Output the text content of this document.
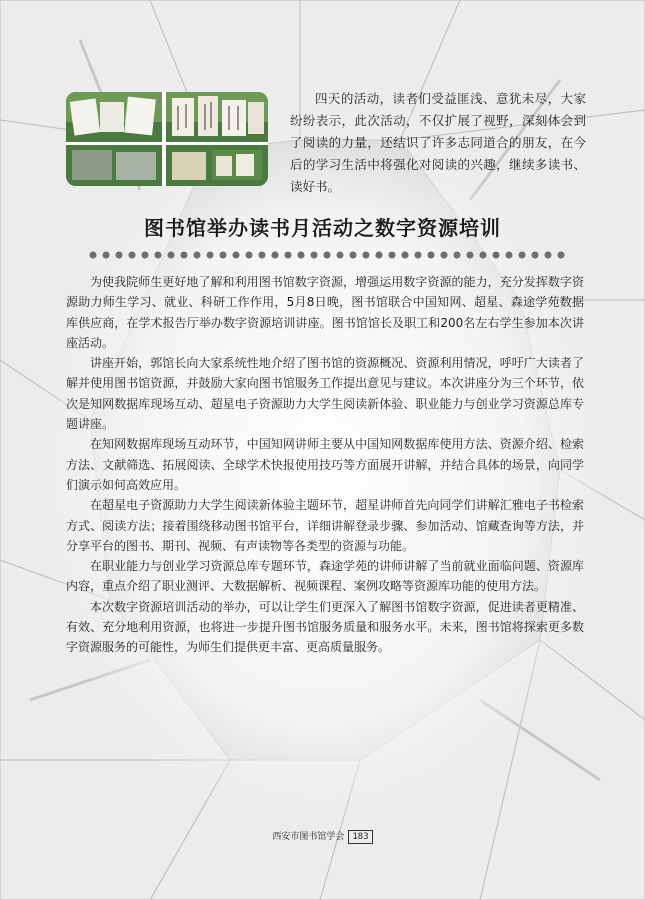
四天的活动，读者们受益匪浅、意犹未尽，大家纷纷表示，此次活动，不仅扩展了视野，深刻体会到了阅读的力量，还结识了许多志同道合的朋友，在今后的学习生活中将强化对阅读的兴趣，继续多读书、读好书。

图书馆举办读书月活动之数字资源培训

为使我院师生更好地了解和利用图书馆数字资源，增强运用数字资源的能力，充分发挥数字资源助力师生学习、就业、科研工作作用，5月8日晚，图书馆联合中国知网、超星、森途学苑数据库供应商，在学术报告厅举办数字资源培训讲座。图书馆馆长及职工和200名左右学生参加本次讲座活动。

讲座开始，郭馆长向大家系统性地介绍了图书馆的资源概况、资源利用情况，呼吁广大读者了解并使用图书馆资源，并鼓励大家向图书馆服务工作提出意见与建议。本次讲座分为三个环节，依次是知网数据库现场互动、超星电子资源助力大学生阅读新体验、职业能力与创业学习资源总库专题讲座。

在知网数据库现场互动环节，中国知网讲师主要从中国知网数据库使用方法、资源介绍、检索方法、文献筛选、拓展阅读、全球学术快报使用技巧等方面展开讲解，并结合具体的场景，向同学们演示如何高效应用。

在超星电子资源助力大学生阅读新体验主题环节，超星讲师首先向同学们讲解汇雅电子书检索方式、阅读方法；接着围绕移动图书馆平台，详细讲解登录步骤、参加活动、馆藏查询等方法，并分享平台的图书、期刊、视频、有声读物等各类型的资源与功能。

在职业能力与创业学习资源总库专题环节，森途学苑的讲师讲解了当前就业面临问题、资源库内容，重点介绍了职业测评、大数据解析、视频课程、案例攻略等资源库功能的使用方法。

本次数字资源培训活动的举办，可以让学生们更深入了解图书馆数字资源，促进读者更精准、有效、充分地利用资源，也将进一步提升图书馆服务质量和服务水平。未来，图书馆将探索更多数字资源服务的可能性，为师生们提供更丰富、更高质量服务。

西安市图书馆学会 183
